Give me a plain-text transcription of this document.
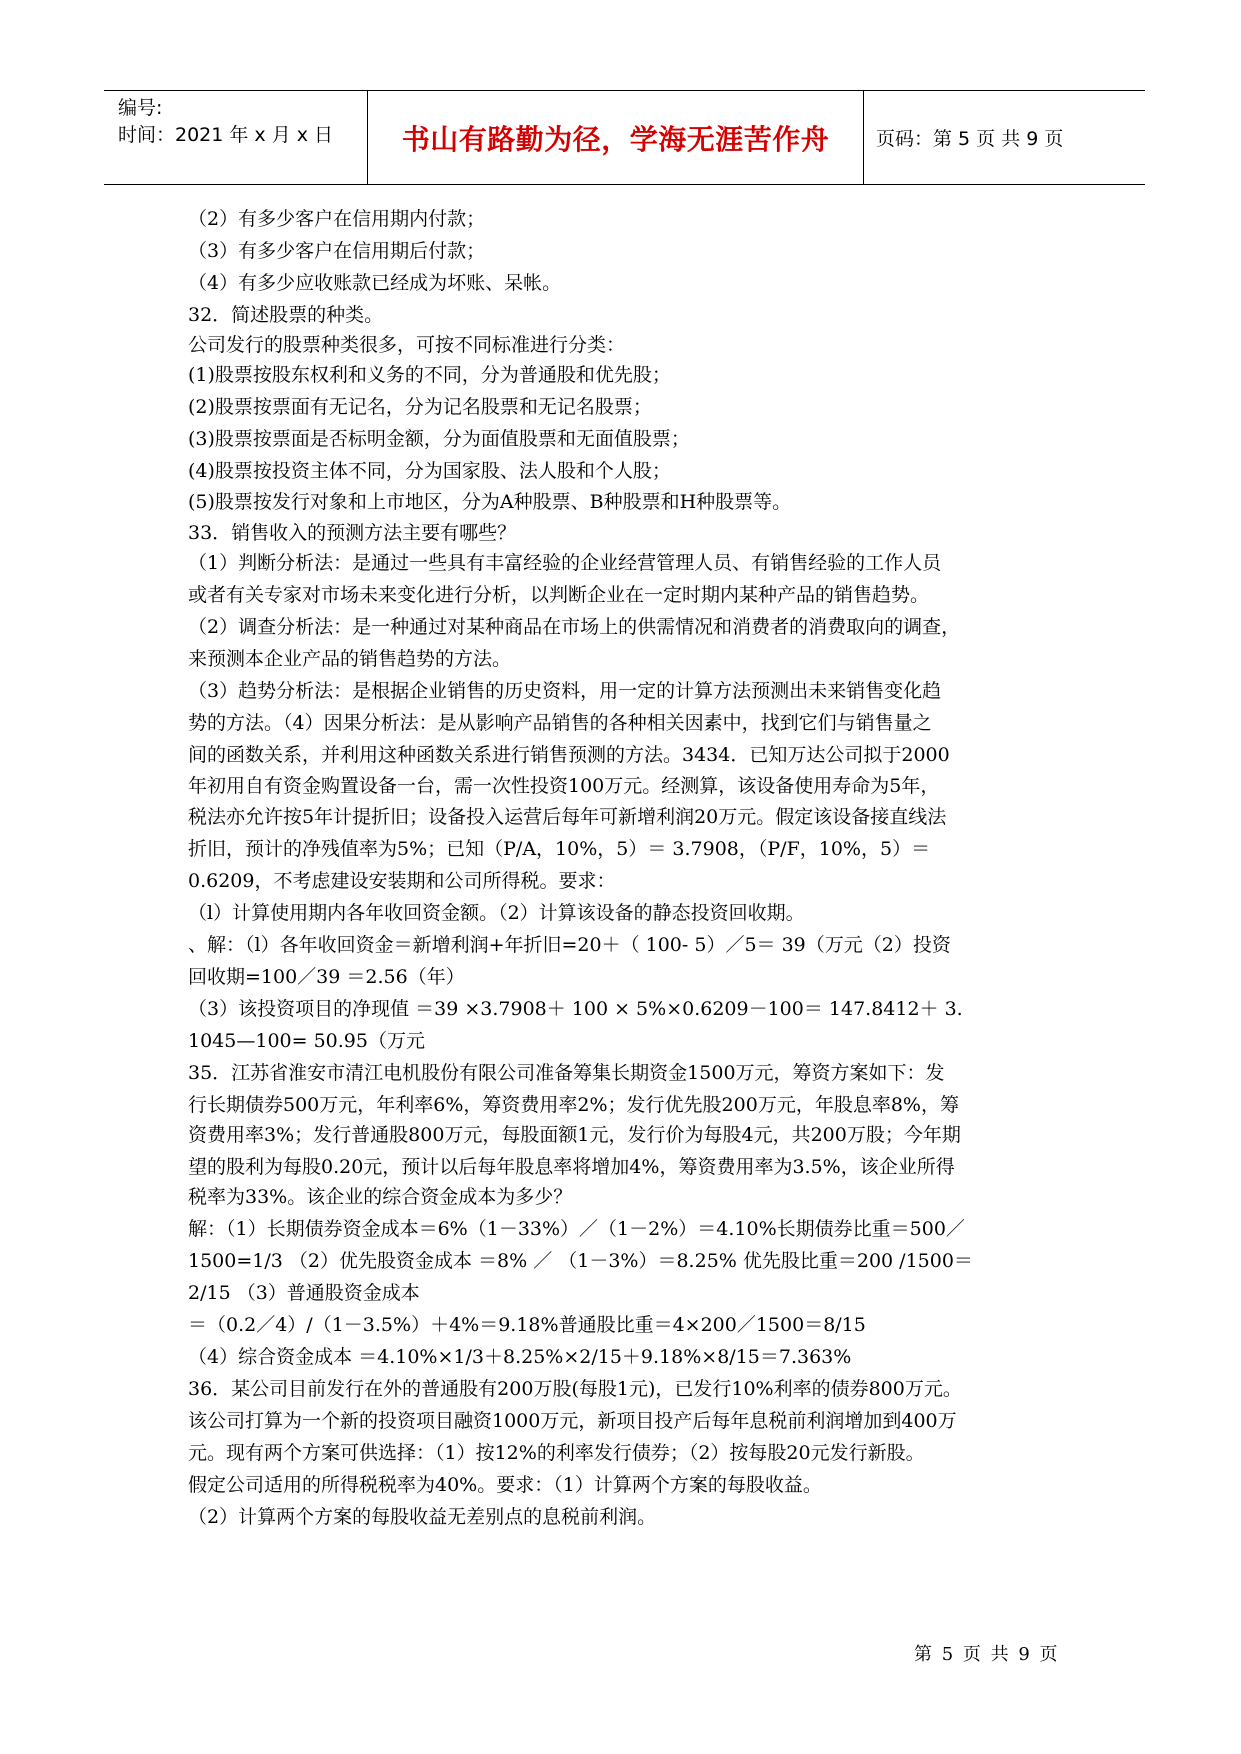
编号:
时间：2021 年 x 月 x 日 书山有路勤为径，学海无涯苦作舟 页码：第 5 页 共 9 页
（2）有多少客户在信用期内付款；
（3）有多少客户在信用期后付款；
（4）有多少应收账款已经成为坏账、呆帐。
32．简述股票的种类。
公司发行的股票种类很多，可按不同标准进行分类：
(1)股票按股东权利和义务的不同，分为普通股和优先股；
(2)股票按票面有无记名，分为记名股票和无记名股票；
(3)股票按票面是否标明金额，分为面值股票和无面值股票；
(4)股票按投资主体不同，分为国家股、法人股和个人股；
(5)股票按发行对象和上市地区，分为A种股票、B种股票和H种股票等。
33．销售收入的预测方法主要有哪些？
（1）判断分析法：是通过一些具有丰富经验的企业经营管理人员、有销售经验的工作人员
或者有关专家对市场未来变化进行分析，以判断企业在一定时期内某种产品的销售趋势。
（2）调查分析法：是一种通过对某种商品在市场上的供需情况和消费者的消费取向的调查，
来预测本企业产品的销售趋势的方法。
（3）趋势分析法：是根据企业销售的历史资料，用一定的计算方法预测出未来销售变化趋
势的方法。（4）因果分析法：是从影响产品销售的各种相关因素中，找到它们与销售量之
间的函数关系，并利用这种函数关系进行销售预测的方法。3434．已知万达公司拟于2000
年初用自有资金购置设备一台，需一次性投资100万元。经测算，该设备使用寿命为5年，
税法亦允许按5年计提折旧；设备投入运营后每年可新增利润20万元。假定该设备接直线法
折旧，预计的净残值率为5%；已知（P/A，10%，5）＝ 3.7908，（P/F，10%，5）＝
0.6209，不考虑建设安装期和公司所得税。要求：
（l）计算使用期内各年收回资金额。（2）计算该设备的静态投资回收期。
、解：（l）各年收回资金＝新增利润+年折旧=20＋（ 100- 5）／5＝ 39（万元（2）投资
回收期=100／39 ＝2.56（年）
（3）该投资项目的净现值 ＝39 ×3.7908＋ 100 × 5%×0.6209－100＝ 147.8412＋ 3.
1045—100= 50.95（万元
35．江苏省淮安市清江电机股份有限公司准备筹集长期资金1500万元，筹资方案如下：发
行长期债券500万元，年利率6%，筹资费用率2%；发行优先股200万元，年股息率8%，筹
资费用率3%；发行普通股800万元，每股面额1元，发行价为每股4元，共200万股；今年期
望的股利为每股0.20元，预计以后每年股息率将增加4%，筹资费用率为3.5%，该企业所得
税率为33%。该企业的综合资金成本为多少？
解：（1）长期债券资金成本＝6%（1－33%）／（1－2%）＝4.10%长期债券比重＝500／
1500=1/3 （2）优先股资金成本 ＝8% ／ （1－3%）＝8.25% 优先股比重＝200 /1500＝
2/15 （3）普通股资金成本
＝（0.2／4）/（1－3.5%）＋4%＝9.18%普通股比重＝4×200／1500＝8/15
（4）综合资金成本 ＝4.10%×1/3＋8.25%×2/15＋9.18%×8/15＝7.363%
36．某公司目前发行在外的普通股有200万股(每股1元)，已发行10%利率的债券800万元。
该公司打算为一个新的投资项目融资1000万元，新项目投产后每年息税前利润增加到400万
元。现有两个方案可供选择：（1）按12%的利率发行债券；（2）按每股20元发行新股。
假定公司适用的所得税税率为40%。要求：（1）计算两个方案的每股收益。
（2）计算两个方案的每股收益无差别点的息税前利润。
第 5 页 共 9 页
